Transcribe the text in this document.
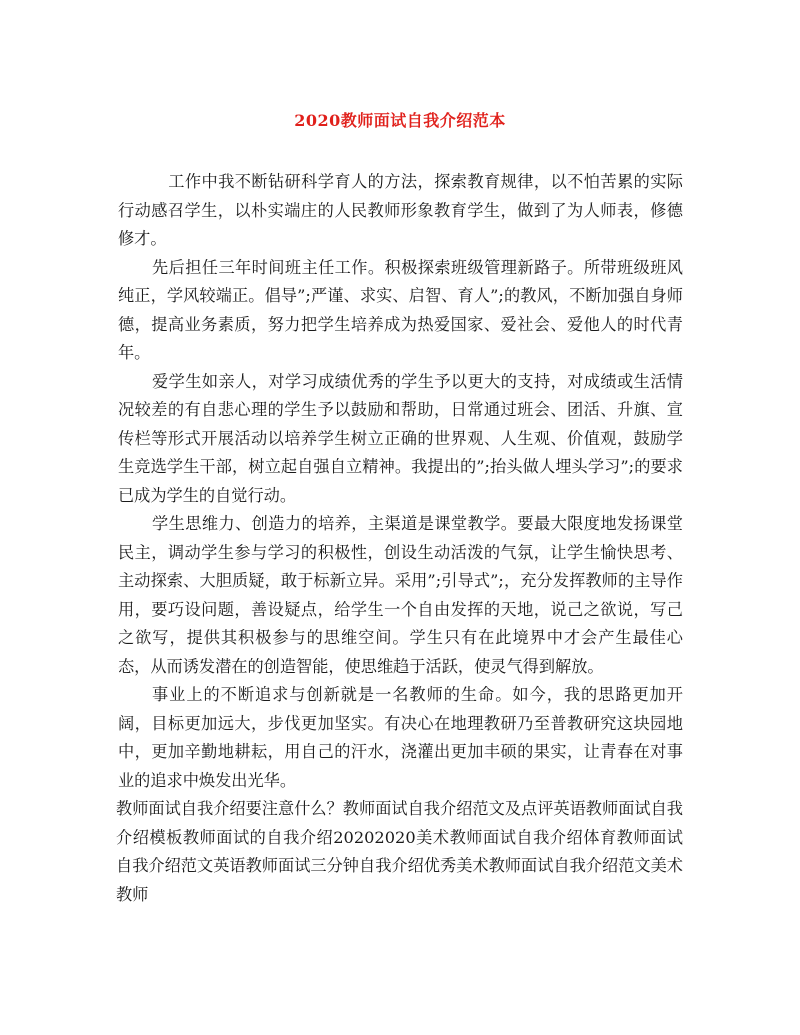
2020教师面试自我介绍范本

工作中我不断钻研科学育人的方法，探索教育规律，以不怕苦累的实际行动感召学生，以朴实端庄的人民教师形象教育学生，做到了为人师表，修德修才。

先后担任三年时间班主任工作。积极探索班级管理新路子。所带班级班风纯正，学风较端正。倡导”;严谨、求实、启智、育人”;的教风，不断加强自身师德，提高业务素质，努力把学生培养成为热爱国家、爱社会、爱他人的时代青年。

爱学生如亲人，对学习成绩优秀的学生予以更大的支持，对成绩或生活情况较差的有自悲心理的学生予以鼓励和帮助，日常通过班会、团活、升旗、宣传栏等形式开展活动以培养学生树立正确的世界观、人生观、价值观，鼓励学生竞选学生干部，树立起自强自立精神。我提出的”;抬头做人埋头学习”;的要求已成为学生的自觉行动。

学生思维力、创造力的培养，主渠道是课堂教学。要最大限度地发扬课堂民主，调动学生参与学习的积极性，创设生动活泼的气氛，让学生愉快思考、主动探索、大胆质疑，敢于标新立异。采用”;引导式”;，充分发挥教师的主导作用，要巧设问题，善设疑点，给学生一个自由发挥的天地，说己之欲说，写己之欲写，提供其积极参与的思维空间。学生只有在此境界中才会产生最佳心态，从而诱发潜在的创造智能，使思维趋于活跃，使灵气得到解放。

事业上的不断追求与创新就是一名教师的生命。如今，我的思路更加开阔，目标更加远大，步伐更加坚实。有决心在地理教研乃至普教研究这块园地中，更加辛勤地耕耘，用自己的汗水，浇灌出更加丰硕的果实，让青春在对事业的追求中焕发出光华。

教师面试自我介绍要注意什么？教师面试自我介绍范文及点评英语教师面试自我介绍模板教师面试的自我介绍20202020美术教师面试自我介绍体育教师面试自我介绍范文英语教师面试三分钟自我介绍优秀美术教师面试自我介绍范文美术教师
